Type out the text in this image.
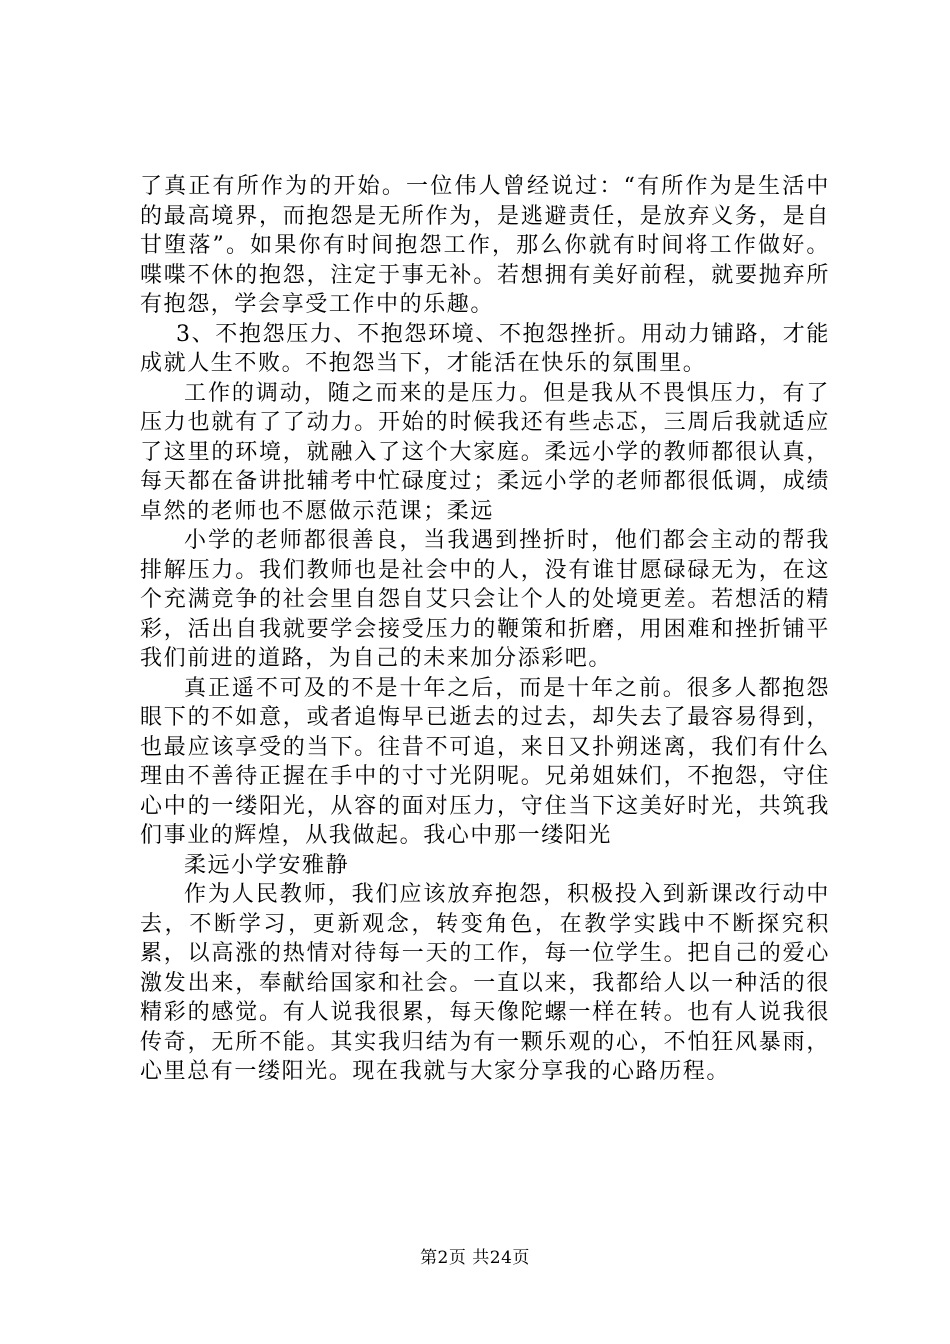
了真正有所作为的开始。一位伟人曾经说过：“有所作为是生活中的最高境界，而抱怨是无所作为，是逃避责任，是放弃义务，是自甘堕落”。如果你有时间抱怨工作，那么你就有时间将工作做好。喋喋不休的抱怨，注定于事无补。若想拥有美好前程，就要抛弃所有抱怨，学会享受工作中的乐趣。

3、不抱怨压力、不抱怨环境、不抱怨挫折。用动力铺路，才能成就人生不败。不抱怨当下，才能活在快乐的氛围里。

工作的调动，随之而来的是压力。但是我从不畏惧压力，有了压力也就有了了动力。开始的时候我还有些忐忑，三周后我就适应了这里的环境，就融入了这个大家庭。柔远小学的教师都很认真，每天都在备讲批辅考中忙碌度过；柔远小学的老师都很低调，成绩卓然的老师也不愿做示范课；柔远

小学的老师都很善良，当我遇到挫折时，他们都会主动的帮我排解压力。我们教师也是社会中的人，没有谁甘愿碌碌无为，在这个充满竞争的社会里自怨自艾只会让个人的处境更差。若想活的精彩，活出自我就要学会接受压力的鞭策和折磨，用困难和挫折铺平我们前进的道路，为自己的未来加分添彩吧。

真正遥不可及的不是十年之后，而是十年之前。很多人都抱怨眼下的不如意，或者追悔早已逝去的过去，却失去了最容易得到，也最应该享受的当下。往昔不可追，来日又扑朔迷离，我们有什么理由不善待正握在手中的寸寸光阴呢。兄弟姐妹们，不抱怨，守住心中的一缕阳光，从容的面对压力，守住当下这美好时光，共筑我们事业的辉煌，从我做起。我心中那一缕阳光

柔远小学安雅静

作为人民教师，我们应该放弃抱怨，积极投入到新课改行动中去，不断学习，更新观念，转变角色，在教学实践中不断探究积累，以高涨的热情对待每一天的工作，每一位学生。把自己的爱心激发出来，奉献给国家和社会。一直以来，我都给人以一种活的很精彩的感觉。有人说我很累，每天像陀螺一样在转。也有人说我很传奇，无所不能。其实我归结为有一颗乐观的心，不怕狂风暴雨，心里总有一缕阳光。现在我就与大家分享我的心路历程。

第2页 共24页
